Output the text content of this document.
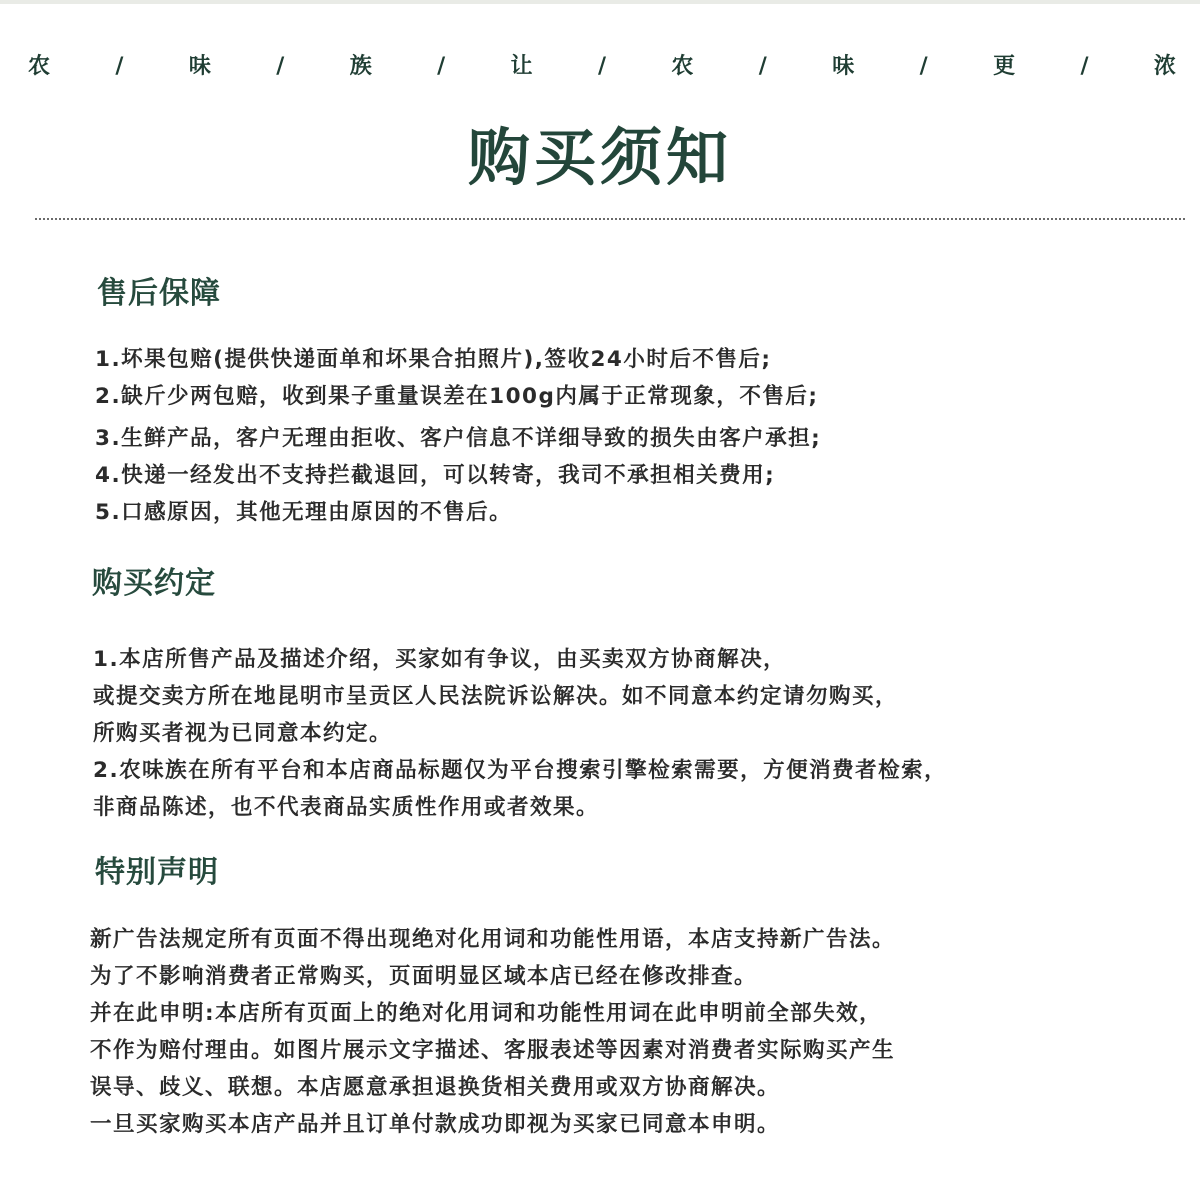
农	/	味	/	族	/	让	/	农	/	味	/	更	/	浓
购买须知
售后保障
1.坏果包赔(提供快递面单和坏果合拍照片),签收24小时后不售后;
2.缺斤少两包赔，收到果子重量误差在100g内属于正常现象，不售后;
3.生鲜产品，客户无理由拒收、客户信息不详细导致的损失由客户承担;
4.快递一经发出不支持拦截退回，可以转寄，我司不承担相关费用;
5.口感原因，其他无理由原因的不售后。
购买约定
1.本店所售产品及描述介绍，买家如有争议，由买卖双方协商解决，
或提交卖方所在地昆明市呈贡区人民法院诉讼解决。如不同意本约定请勿购买，
所购买者视为已同意本约定。
2.农味族在所有平台和本店商品标题仅为平台搜索引擎检索需要，方便消费者检索，
非商品陈述，也不代表商品实质性作用或者效果。
特别声明
新广告法规定所有页面不得出现绝对化用词和功能性用语，本店支持新广告法。
为了不影响消费者正常购买，页面明显区域本店已经在修改排查。
并在此申明:本店所有页面上的绝对化用词和功能性用词在此申明前全部失效，
不作为赔付理由。如图片展示文字描述、客服表述等因素对消费者实际购买产生
误导、歧义、联想。本店愿意承担退换货相关费用或双方协商解决。
一旦买家购买本店产品并且订单付款成功即视为买家已同意本申明。
